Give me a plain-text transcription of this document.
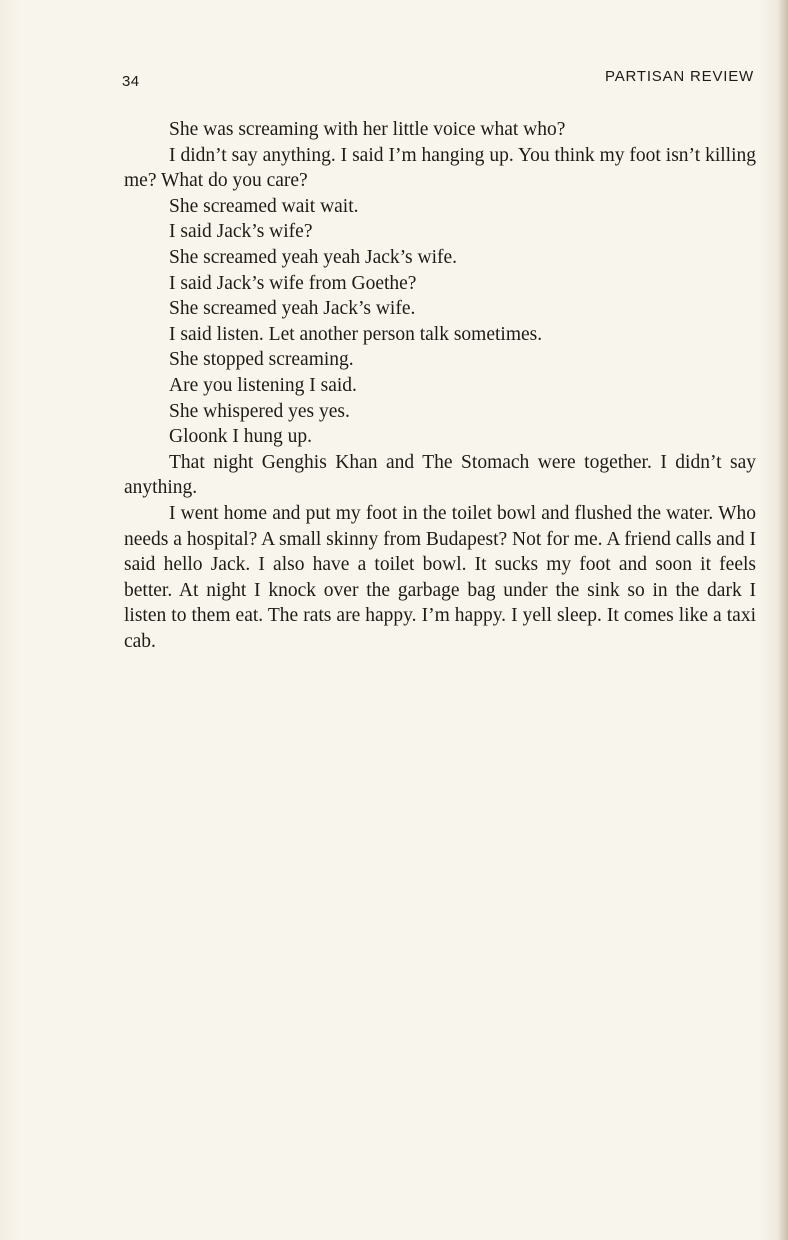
34	PARTISAN REVIEW

She was screaming with her little voice what who?

I didn’t say anything. I said I’m hanging up. You think my foot isn’t killing me? What do you care?

She screamed wait wait.

I said Jack’s wife?

She screamed yeah yeah Jack’s wife.

I said Jack’s wife from Goethe?

She screamed yeah Jack’s wife.

I said listen. Let another person talk sometimes.

She stopped screaming.

Are you listening I said.

She whispered yes yes.

Gloonk I hung up.

That night Genghis Khan and The Stomach were together. I didn’t say anything.

I went home and put my foot in the toilet bowl and flushed the water. Who needs a hospital? A small skinny from Budapest? Not for me. A friend calls and I said hello Jack. I also have a toilet bowl. It sucks my foot and soon it feels better. At night I knock over the garbage bag under the sink so in the dark I listen to them eat. The rats are happy. I’m happy. I yell sleep. It comes like a taxi cab.
